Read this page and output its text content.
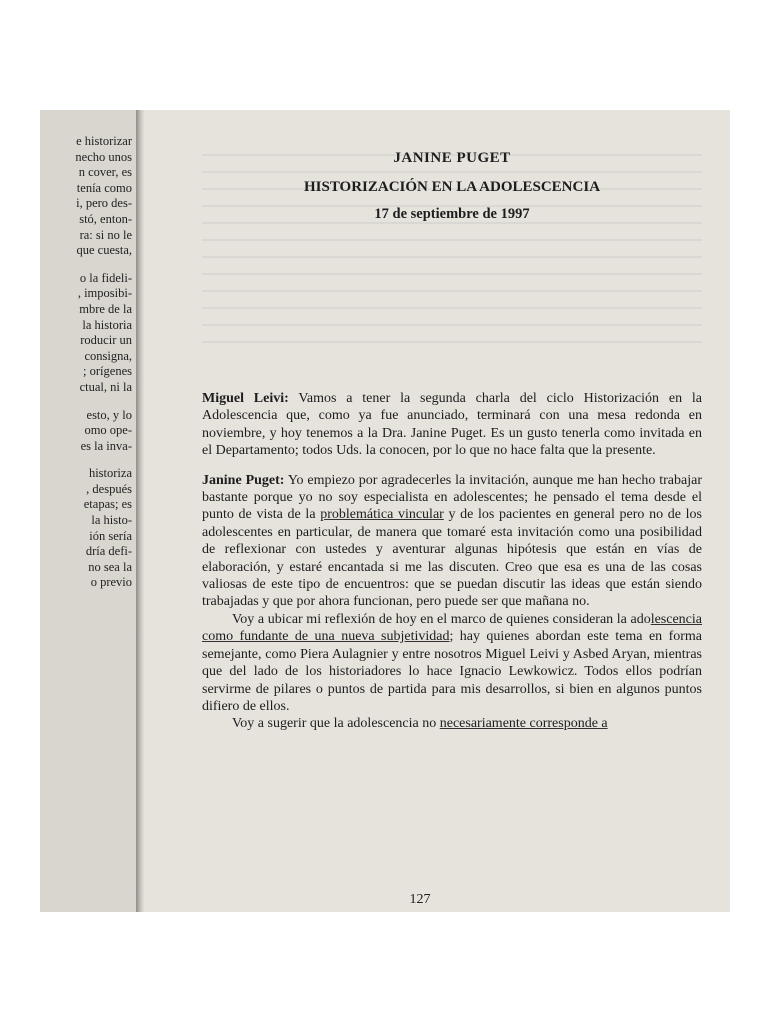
e historizar
necho unos
n cover, es
tenía como
i, pero des-
stó, enton-
ra: si no le
que cuesta,
o la fideli-
, imposibi-
mbre de la
la historia
roducir un
consigna,
; orígenes
ctual, ni la
esto, y lo
omo ope-
es la inva-
historiza
, después
etapas; es
la histo-
ión sería
dría defi-
no sea la
o previo

JANINE PUGET

HISTORIZACIÓN EN LA ADOLESCENCIA

17 de septiembre de 1997

Miguel Leivi: Vamos a tener la segunda charla del ciclo Historización en la Adolescencia que, como ya fue anunciado, terminará con una mesa redonda en noviembre, y hoy tenemos a la Dra. Janine Puget. Es un gusto tenerla como invitada en el Departamento; todos Uds. la conocen, por lo que no hace falta que la presente.

Janine Puget: Yo empiezo por agradecerles la invitación, aunque me han hecho trabajar bastante porque yo no soy especialista en adolescentes; he pensado el tema desde el punto de vista de la problemática vincular y de los pacientes en general pero no de los adolescentes en particular, de manera que tomaré esta invitación como una posibilidad de reflexionar con ustedes y aventurar algunas hipótesis que están en vías de elaboración, y estaré encantada si me las discuten. Creo que esa es una de las cosas valiosas de este tipo de encuentros: que se puedan discutir las ideas que están siendo trabajadas y que por ahora funcionan, pero puede ser que mañana no.

Voy a ubicar mi reflexión de hoy en el marco de quienes consideran la adolescencia como fundante de una nueva subjetividad; hay quienes abordan este tema en forma semejante, como Piera Aulagnier y entre nosotros Miguel Leivi y Asbed Aryan, mientras que del lado de los historiadores lo hace Ignacio Lewkowicz. Todos ellos podrían servirme de pilares o puntos de partida para mis desarrollos, si bien en algunos puntos difiero de ellos.

Voy a sugerir que la adolescencia no necesariamente corresponde a

127
